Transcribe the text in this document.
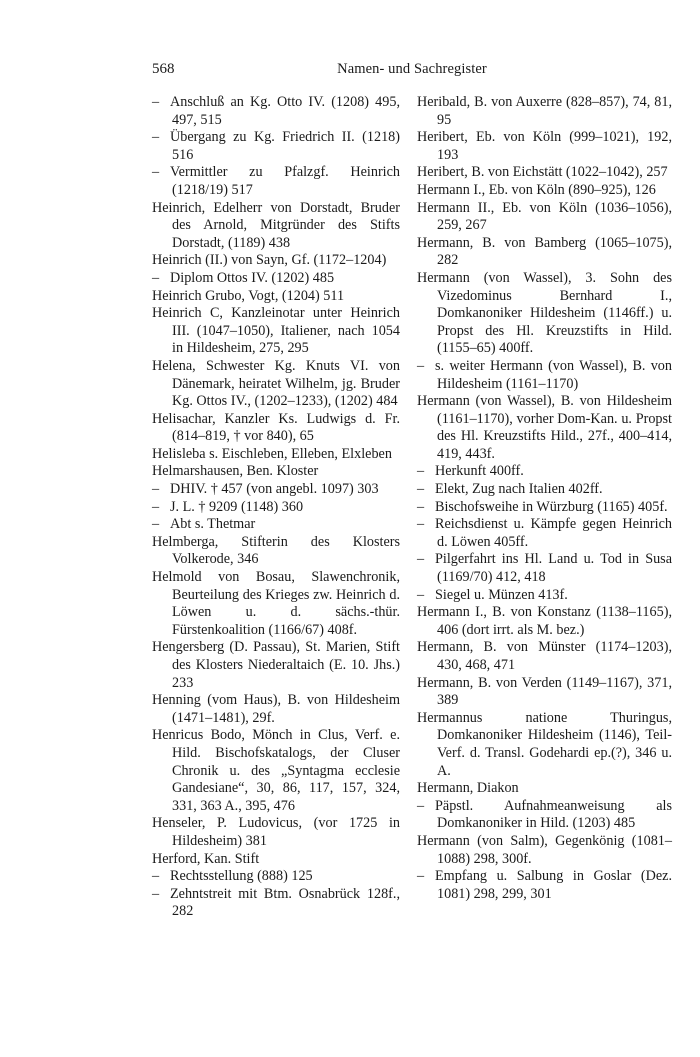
568	Namen- und Sachregister
– Anschluß an Kg. Otto IV. (1208) 495, 497, 515
– Übergang zu Kg. Friedrich II. (1218) 516
– Vermittler zu Pfalzgf. Heinrich (1218/19) 517
Heinrich, Edelherr von Dorstadt, Bruder des Arnold, Mitgründer des Stifts Dorstadt, (1189) 438
Heinrich (II.) von Sayn, Gf. (1172–1204)
– Diplom Ottos IV. (1202) 485
Heinrich Grubo, Vogt, (1204) 511
Heinrich C, Kanzleinotar unter Heinrich III. (1047–1050), Italiener, nach 1054 in Hildesheim, 275, 295
Helena, Schwester Kg. Knuts VI. von Dänemark, heiratet Wilhelm, jg. Bruder Kg. Ottos IV., (1202–1233), (1202) 484
Helisachar, Kanzler Ks. Ludwigs d. Fr. (814–819, † vor 840), 65
Helisleba s. Eischleben, Elleben, Elxleben
Helmarshausen, Ben. Kloster
– DHIV. † 457 (von angebl. 1097) 303
– J. L. † 9209 (1148) 360
– Abt s. Thetmar
Helmberga, Stifterin des Klosters Volkerode, 346
Helmold von Bosau, Slawenchronik, Beurteilung des Krieges zw. Heinrich d. Löwen u. d. sächs.-thür. Fürstenkoalition (1166/67) 408f.
Hengersberg (D. Passau), St. Marien, Stift des Klosters Niederaltaich (E. 10. Jhs.) 233
Henning (vom Haus), B. von Hildesheim (1471–1481), 29f.
Henricus Bodo, Mönch in Clus, Verf. e. Hild. Bischofskatalogs, der Cluser Chronik u. des „Syntagma ecclesie Gandesiane“, 30, 86, 117, 157, 324, 331, 363 A., 395, 476
Henseler, P. Ludovicus, (vor 1725 in Hildesheim) 381
Herford, Kan. Stift
– Rechtsstellung (888) 125
– Zehntstreit mit Btm. Osnabrück 128f., 282
Heribald, B. von Auxerre (828–857), 74, 81, 95
Heribert, Eb. von Köln (999–1021), 192, 193
Heribert, B. von Eichstätt (1022–1042), 257
Hermann I., Eb. von Köln (890–925), 126
Hermann II., Eb. von Köln (1036–1056), 259, 267
Hermann, B. von Bamberg (1065–1075), 282
Hermann (von Wassel), 3. Sohn des Vizedominus Bernhard I., Domkanoniker Hildesheim (1146ff.) u. Propst des Hl. Kreuzstifts in Hild. (1155–65) 400ff.
– s. weiter Hermann (von Wassel), B. von Hildesheim (1161–1170)
Hermann (von Wassel), B. von Hildesheim (1161–1170), vorher Dom-Kan. u. Propst des Hl. Kreuzstifts Hild., 27f., 400–414, 419, 443f.
– Herkunft 400ff.
– Elekt, Zug nach Italien 402ff.
– Bischofsweihe in Würzburg (1165) 405f.
– Reichsdienst u. Kämpfe gegen Heinrich d. Löwen 405ff.
– Pilgerfahrt ins Hl. Land u. Tod in Susa (1169/70) 412, 418
– Siegel u. Münzen 413f.
Hermann I., B. von Konstanz (1138–1165), 406 (dort irrt. als M. bez.)
Hermann, B. von Münster (1174–1203), 430, 468, 471
Hermann, B. von Verden (1149–1167), 371, 389
Hermannus natione Thuringus, Domkanoniker Hildesheim (1146), Teil-Verf. d. Transl. Godehardi ep.(?), 346 u. A.
Hermann, Diakon
– Päpstl. Aufnahmeanweisung als Domkanoniker in Hild. (1203) 485
Hermann (von Salm), Gegenkönig (1081–1088) 298, 300f.
– Empfang u. Salbung in Goslar (Dez. 1081) 298, 299, 301
